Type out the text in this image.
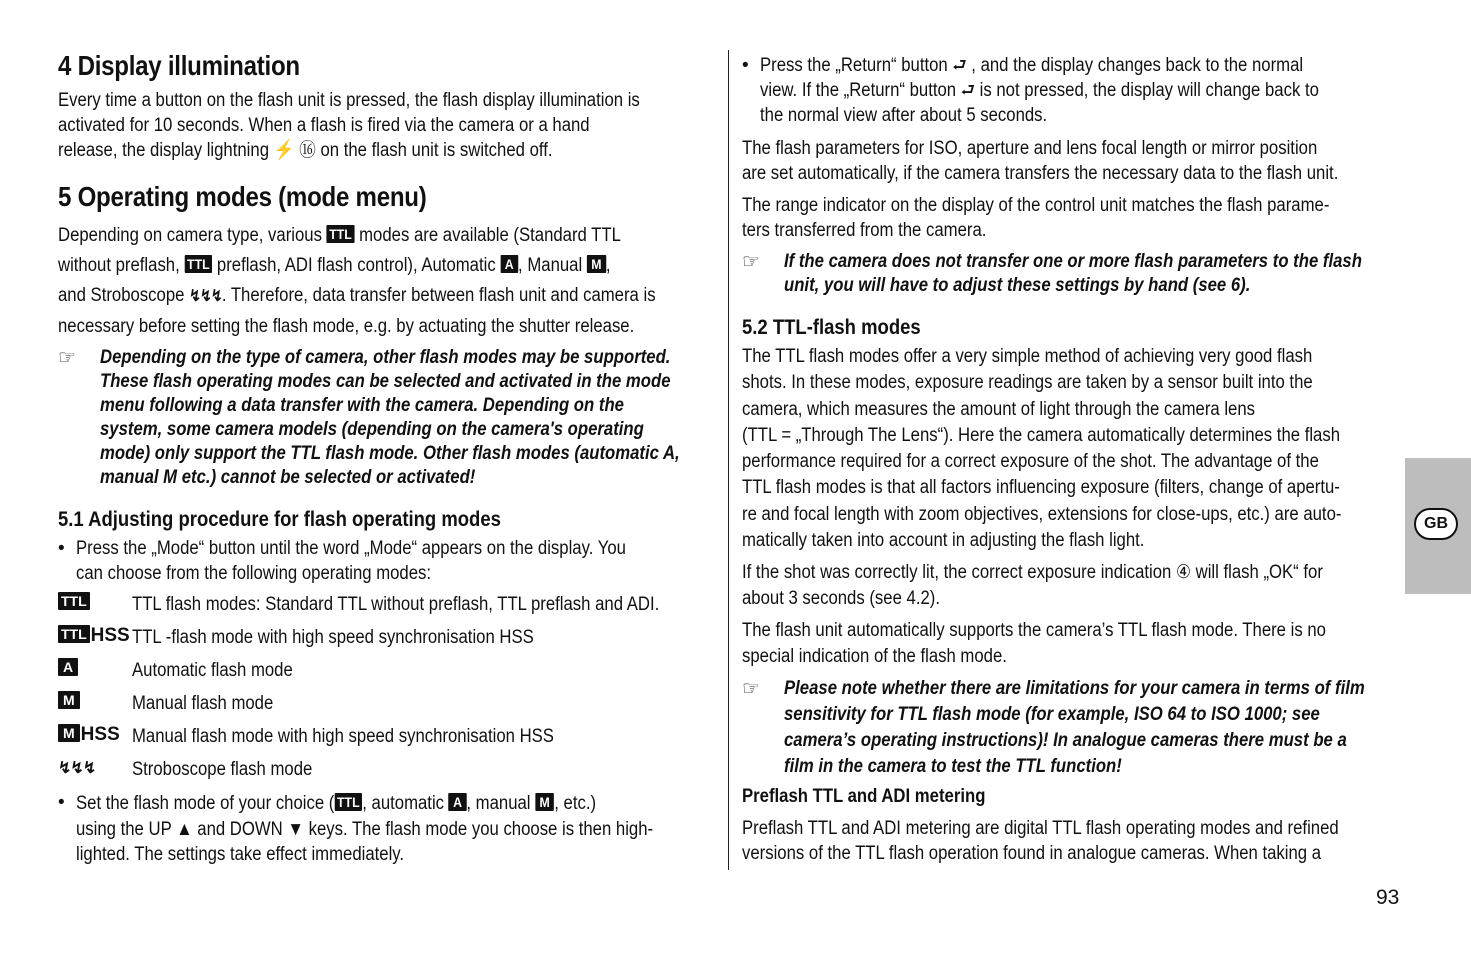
4 Display illumination

Every time a button on the flash unit is pressed, the flash display illumination is

activated for 10 seconds. When a flash is fired via the camera or a hand

release, the display lightning ⚡ ⑯ on the flash unit is switched off.

5 Operating modes (mode menu)

Depending on camera type, various TTL modes are available (Standard TTL

without preflash, TTL preflash, ADI flash control), Automatic A , Manual M ,

and Stroboscope ↯↯↯. Therefore, data transfer between flash unit and camera is

necessary before setting the flash mode, e.g. by actuating the shutter release.

☞ Depending on the type of camera, other flash modes may be supported.
These flash operating modes can be selected and activated in the mode
menu following a data transfer with the camera. Depending on the
system, some camera models (depending on the camera's operating
mode) only support the TTL flash mode. Other flash modes (automatic A,
manual M etc.) cannot be selected or activated!
5.1 Adjusting procedure for flash operating modes

• Press the „Mode“ button until the word „Mode“ appears on the display. You

can choose from the following operating modes:

TTL TTL flash modes: Standard TTL without preflash, TTL preflash and ADI.
TTL HSS TTL -flash mode with high speed synchronisation HSS
A	Automatic flash mode
M	Manual flash mode
M HSS Manual flash mode with high speed synchronisation HSS
↯↯↯ Stroboscope flash mode

• Set the flash mode of your choice ( TTL , automatic A , manual M , etc.)

using the UP ▲ and DOWN ▼ keys. The flash mode you choose is then high-

lighted. The settings take effect immediately.

• Press the „Return“ button ⮐ , and the display changes back to the normal

view. If the „Return“ button ⮐ is not pressed, the display will change back to

the normal view after about 5 seconds.

The flash parameters for ISO, aperture and lens focal length or mirror position

are set automatically, if the camera transfers the necessary data to the flash unit.

The range indicator on the display of the control unit matches the flash parame-

ters transferred from the camera.

☞ If the camera does not transfer one or more flash parameters to the flash
unit, you will have to adjust these settings by hand (see 6).
5.2 TTL-flash modes

The TTL flash modes offer a very simple method of achieving very good flash

shots. In these modes, exposure readings are taken by a sensor built into the

camera, which measures the amount of light through the camera lens

(TTL = „Through The Lens“). Here the camera automatically determines the flash

performance required for a correct exposure of the shot. The advantage of the

TTL flash modes is that all factors influencing exposure (filters, change of apertu-

re and focal length with zoom objectives, extensions for close-ups, etc.) are auto-

matically taken into account in adjusting the flash light.

If the shot was correctly lit, the correct exposure indication ④ will flash „OK“ for

about 3 seconds (see 4.2).

The flash unit automatically supports the camera’s TTL flash mode. There is no

special indication of the flash mode.

☞ Please note whether there are limitations for your camera in terms of film
sensitivity for TTL flash mode (for example, ISO 64 to ISO 1000; see
camera’s operating instructions)! In analogue cameras there must be a
film in the camera to test the TTL function!
Preflash TTL and ADI metering

Preflash TTL and ADI metering are digital TTL flash operating modes and refined

versions of the TTL flash operation found in analogue cameras. When taking a

GB
93
